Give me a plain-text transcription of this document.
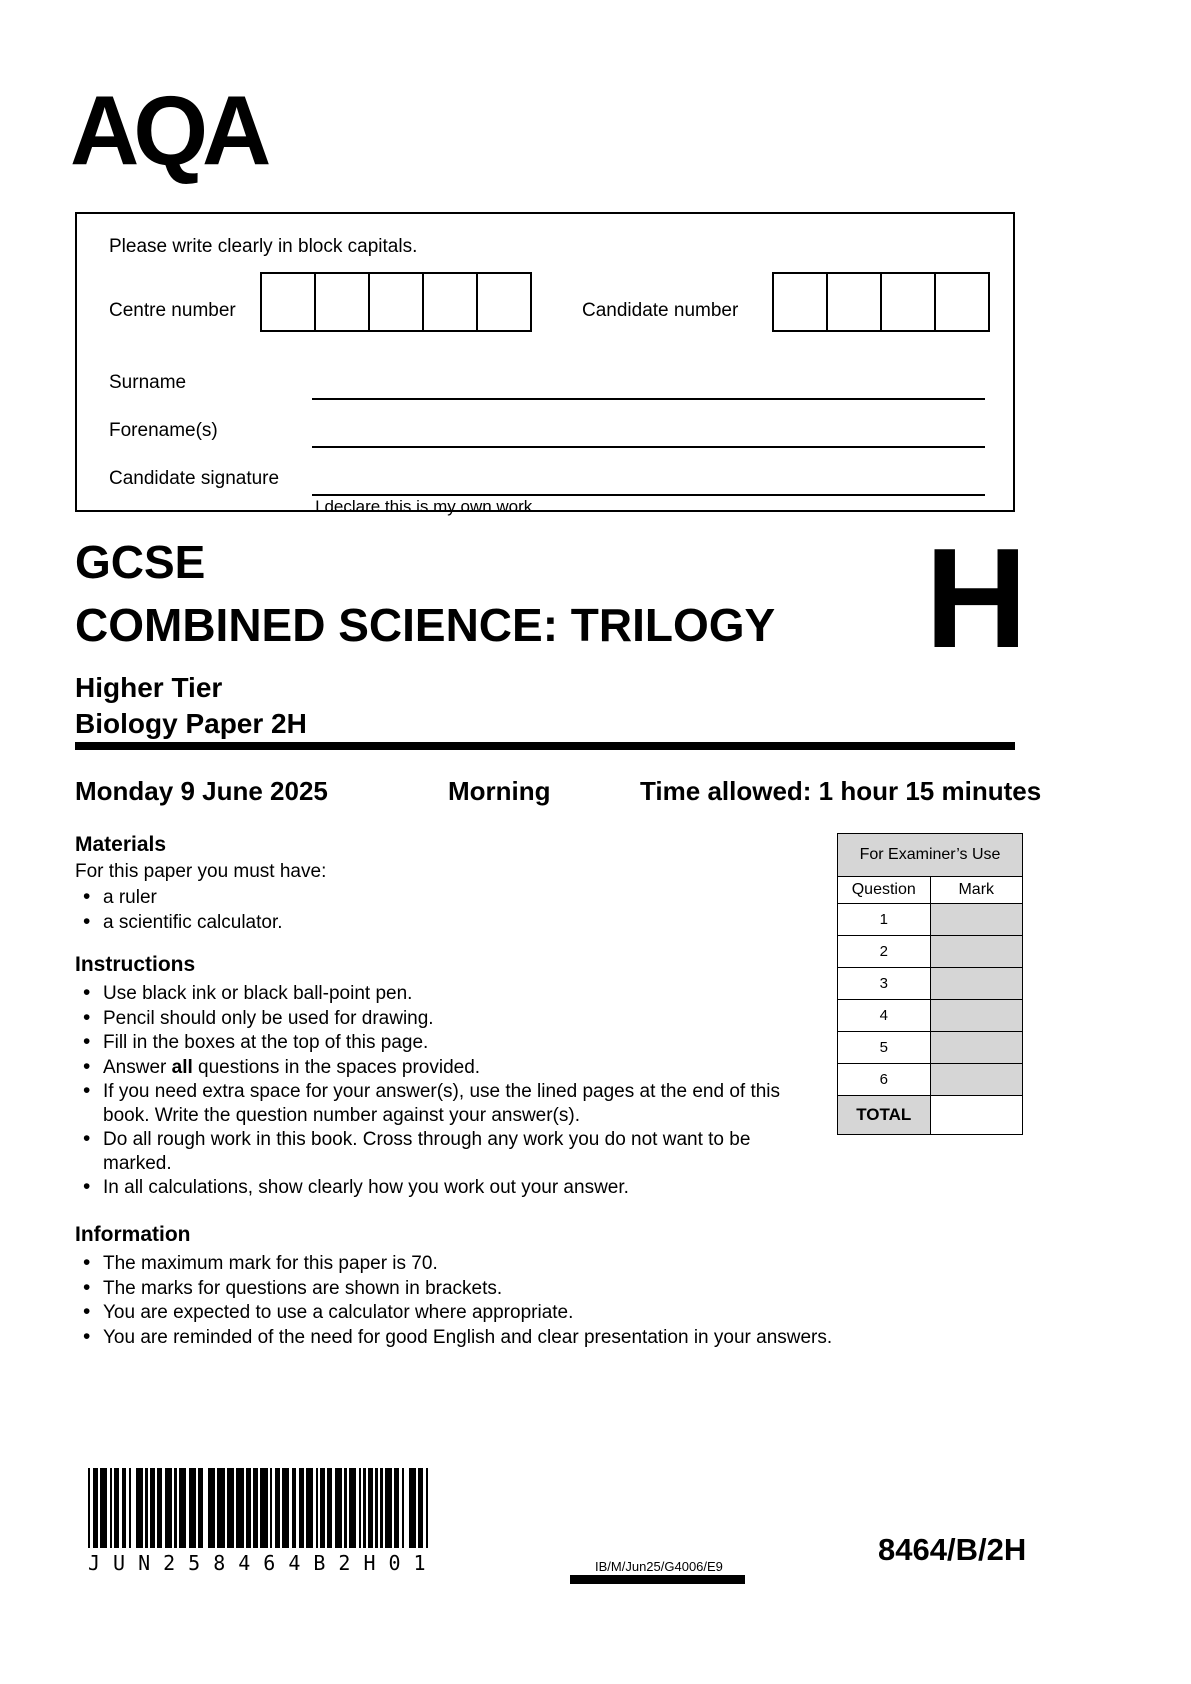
AQA
Please write clearly in block capitals.
Centre number	Candidate number
Surname
Forename(s)
Candidate signature
I declare this is my own work.
GCSE
COMBINED SCIENCE: TRILOGY H
Higher Tier
Biology Paper 2H
Monday 9 June 2025	Morning	Time allowed: 1 hour 15 minutes
Materials
For this paper you must have:
• a ruler
• a scientific calculator.
For Examiner’s Use	
Question	Mark
1	
2	
3	
4	
5	
6	
TOTAL	
Instructions
• Use black ink or black ball-point pen.
• Pencil should only be used for drawing.
• Fill in the boxes at the top of this page.
• Answer all questions in the spaces provided.
• If you need extra space for your answer(s), use the lined pages at the end of this book. Write the question number against your answer(s).
• Do all rough work in this book. Cross through any work you do not want to be marked.
• In all calculations, show clearly how you work out your answer.
Information
• The maximum mark for this paper is 70.
• The marks for questions are shown in brackets.
• You are expected to use a calculator where appropriate.
• You are reminded of the need for good English and clear presentation in your answers.
JUN258464B2H01	IB/M/Jun25/G4006/E9	8464/B/2H
